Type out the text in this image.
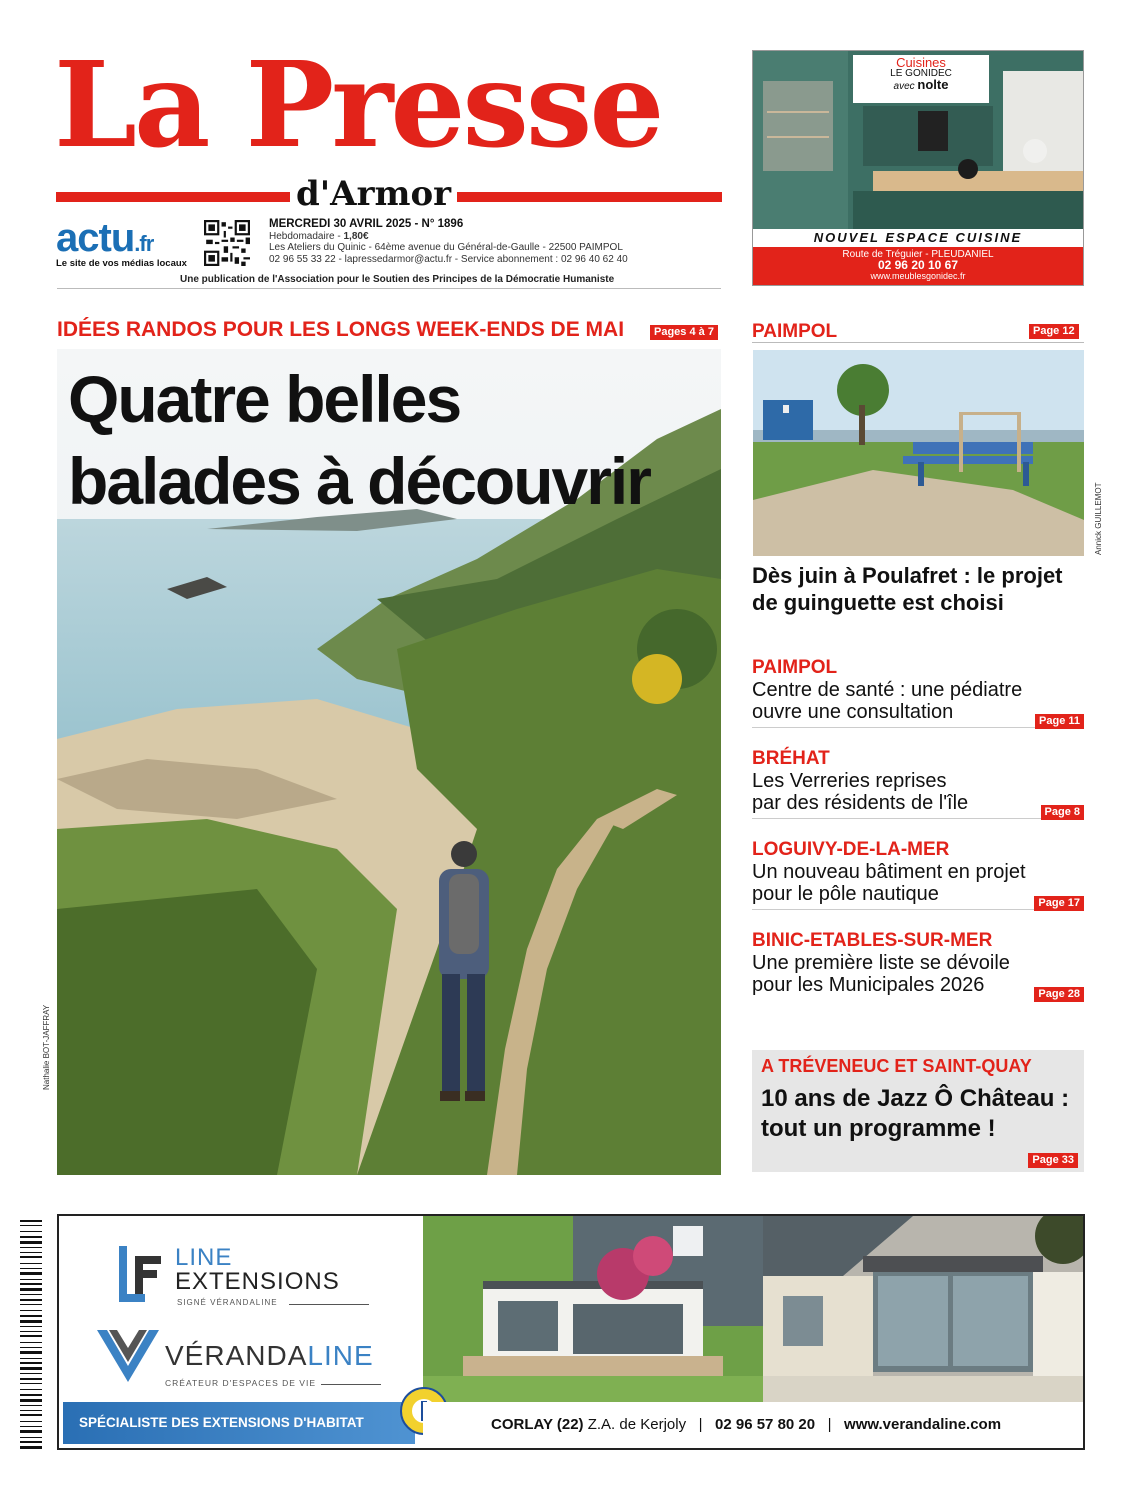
La Presse
d'Armor
actu.fr
Le site de vos médias locaux
MERCREDI 30 AVRIL 2025 - N° 1896
Hebdomadaire - 1,80€
Les Ateliers du Quinic - 64ème avenue du Général-de-Gaulle - 22500 PAIMPOL
02 96 55 33 22 - lapressedarmor@actu.fr - Service abonnement : 02 96 40 62 40
Une publication de l'Association pour le Soutien des Principes de la Démocratie Humaniste
Cuisines
LE GONIDEC
avec nolte
NOUVEL ESPACE CUISINE
Route de Tréguier - PLEUDANIEL
02 96 20 10 67
www.meublesgonidec.fr
IDÉES RANDOS POUR LES LONGS WEEK-ENDS DE MAI	Pages 4 à 7
Quatre belles
balades à découvrir
Nathalie BOT-JAFFRAY
PAIMPOL	Page 12
Annick GUILLEMOT
Dès juin à Poulafret : le projet
de guinguette est choisi
PAIMPOL
Centre de santé : une pédiatre
ouvre une consultation	Page 11
BRÉHAT
Les Verreries reprises
par des résidents de l'île	Page 8
LOGUIVY-DE-LA-MER
Un nouveau bâtiment en projet
pour le pôle nautique	Page 17
BINIC-ETABLES-SUR-MER
Une première liste se dévoile
pour les Municipales 2026	Page 28
A TRÉVENEUC ET SAINT-QUAY
10 ans de Jazz Ô Château :
tout un programme !
Page 33
LINE
EXTENSIONS
SIGNÉ VÉRANDALINE
VÉRANDALINE
CRÉATEUR D'ESPACES DE VIE
SPÉCIALISTE DES EXTENSIONS D'HABITAT	CORLAY (22) Z.A. de Kerjoly | 02 96 57 80 20 | www.verandaline.com
